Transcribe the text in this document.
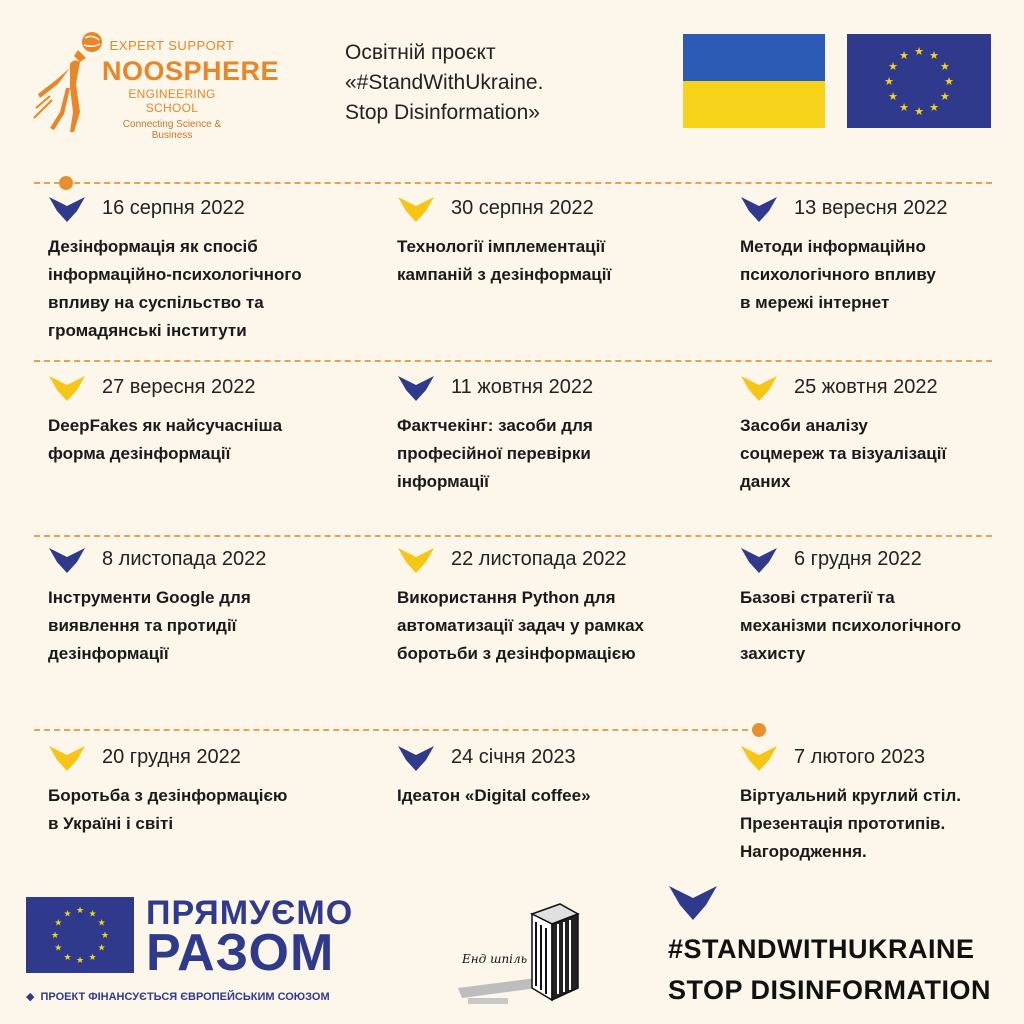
EXPERT SUPPORT
NOOSPHERE
ENGINEERING SCHOOL
Connecting Science & Business
Освітній проєкт
«#StandWithUkraine.
Stop Disinformation»
★
★
★
★
★
★
★
★
★ ★ ★
★
16 серпня 2022
Дезінформація як спосіб
інформаційно-психологічного
впливу на суспільство та
громадянські інститути
30 серпня 2022
Технології імплементації
кампаній з дезінформації
13 вересня 2022
Методи інформаційно
психологічного впливу
в мережі інтернет
27 вересня 2022
DeepFakes як найсучасніша
форма дезінформації
11 жовтня 2022
Фактчекінг: засоби для
професійної перевірки
інформації
25 жовтня 2022
Засоби аналізу
соцмереж та візуалізації
даних
8 листопада 2022
Інструменти Google для
виявлення та протидії
дезінформації
22 листопада 2022
Використання Python для
автоматизації задач у рамках
боротьби з дезінформацією
6 грудня 2022
Базові стратегії та
механізми психологічного
захисту
20 грудня 2022
Боротьба з дезінформацією
в Україні і світі
24 січня 2023
Ідеатон «Digital coffee»
7 лютого 2023
Віртуальний круглий стіл.
Презентація прототипів.
Нагородження.
★
★
★
★
★
★
★
★
★ ★ ★
★ ПРЯМУЄМО
РАЗОМ
◆ ПРОЕКТ ФІНАНСУЄТЬСЯ ЄВРОПЕЙСЬКИМ СОЮЗОМ
Енд шпіль	#STANDWITHUKRAINE
STOP DISINFORMATION
